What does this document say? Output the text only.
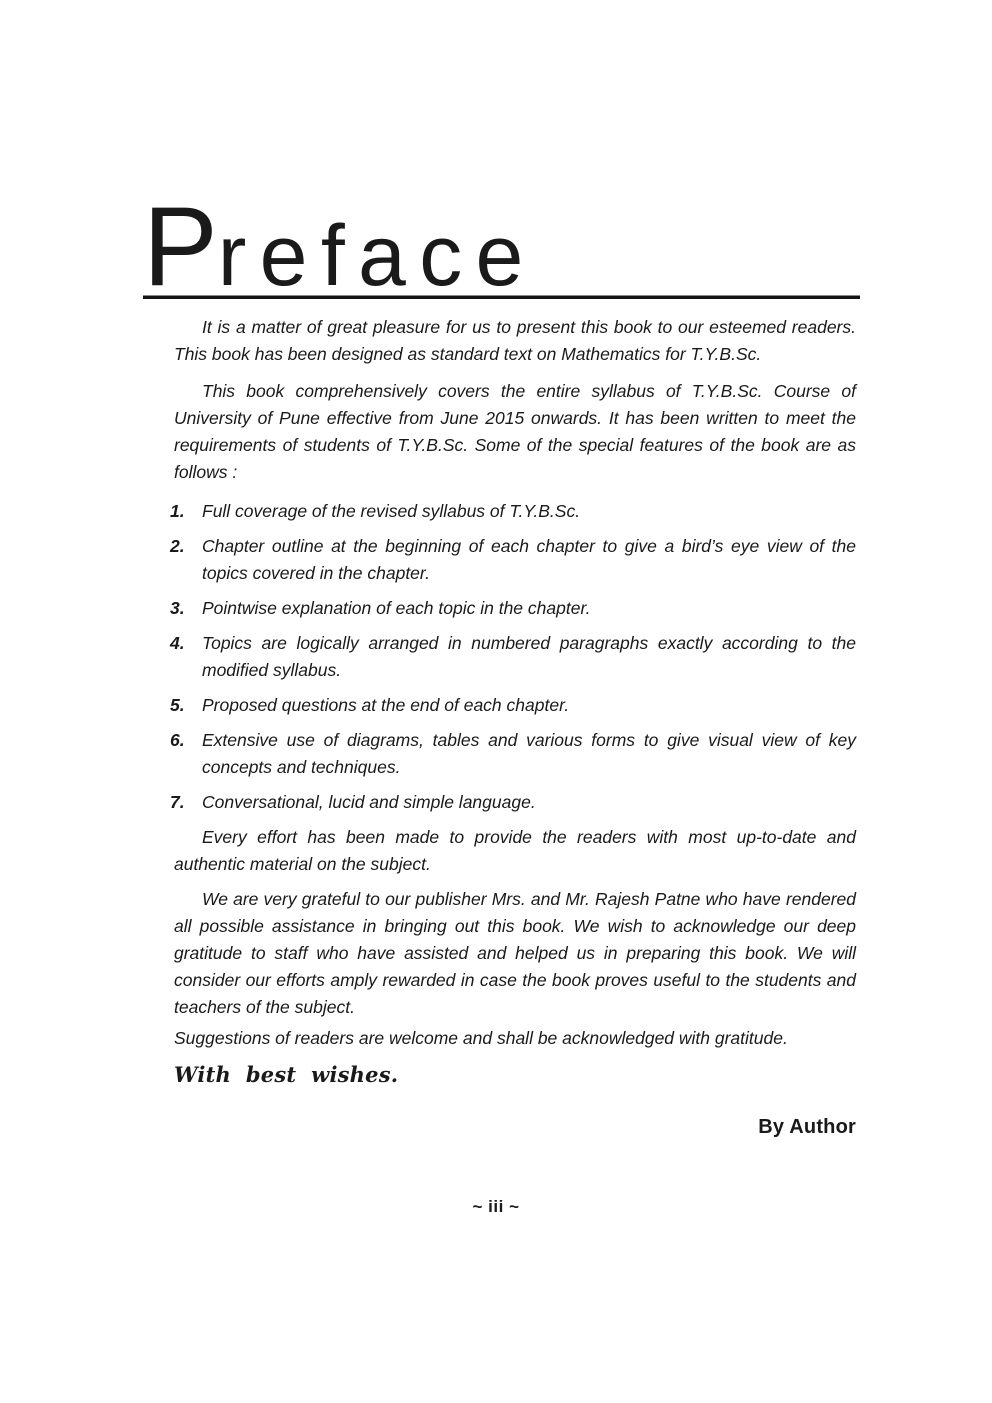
P reface

It is a matter of great pleasure for us to present this book to our esteemed readers. This book has been designed as standard text on Mathematics for T.Y.B.Sc.

This book comprehensively covers the entire syllabus of T.Y.B.Sc. Course of University of Pune effective from June 2015 onwards. It has been written to meet the requirements of students of T.Y.B.Sc. Some of the special features of the book are as follows :

1. Full coverage of the revised syllabus of T.Y.B.Sc.
2. Chapter outline at the beginning of each chapter to give a bird’s eye view of the topics covered in the chapter.
3. Pointwise explanation of each topic in the chapter.
4. Topics are logically arranged in numbered paragraphs exactly according to the modified syllabus.
5. Proposed questions at the end of each chapter.
6. Extensive use of diagrams, tables and various forms to give visual view of key concepts and techniques.
7. Conversational, lucid and simple language.

Every effort has been made to provide the readers with most up-to-date and authentic material on the subject.

We are very grateful to our publisher Mrs. and Mr. Rajesh Patne who have rendered all possible assistance in bringing out this book. We wish to acknowledge our deep gratitude to staff who have assisted and helped us in preparing this book. We will consider our efforts amply rewarded in case the book proves useful to the students and teachers of the subject.

Suggestions of readers are welcome and shall be acknowledged with gratitude.

With best wishes.

By Author

~ iii ~
